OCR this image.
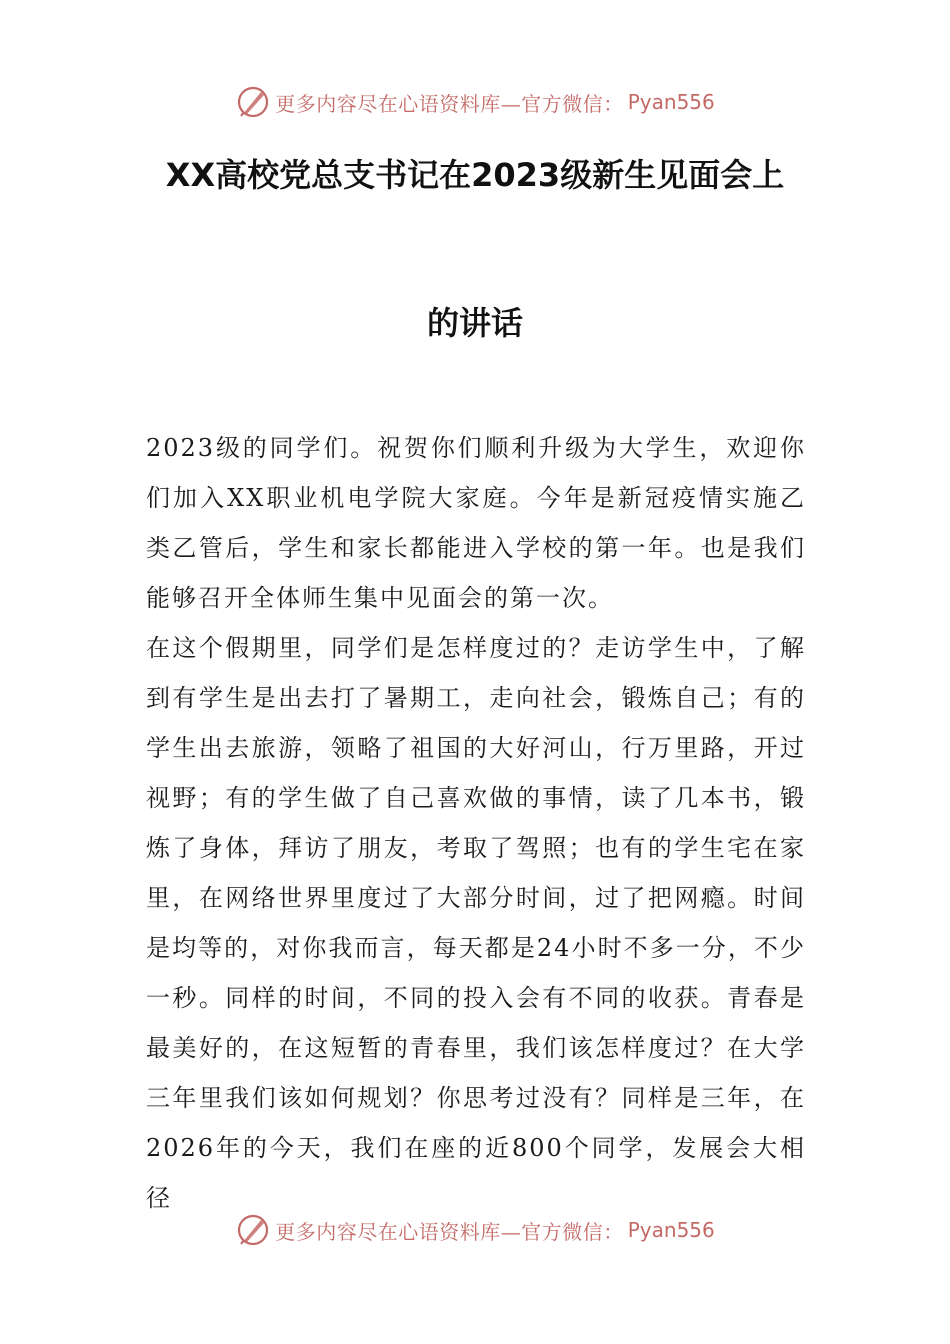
更多内容尽在心语资料库—官方微信： Pyan556
XX高校党总支书记在2023级新生见面会上
的讲话

2023级的同学们。祝贺你们顺利升级为大学生，欢迎你们加入XX职业机电学院大家庭。今年是新冠疫情实施乙类乙管后，学生和家长都能进入学校的第一年。也是我们能够召开全体师生集中见面会的第一次。

在这个假期里，同学们是怎样度过的？走访学生中，了解到有学生是出去打了暑期工，走向社会，锻炼自己；有的学生出去旅游，领略了祖国的大好河山，行万里路，开过视野；有的学生做了自己喜欢做的事情，读了几本书，锻炼了身体，拜访了朋友，考取了驾照；也有的学生宅在家里，在网络世界里度过了大部分时间，过了把网瘾。时间是均等的，对你我而言，每天都是24小时不多一分，不少一秒。同样的时间，不同的投入会有不同的收获。青春是最美好的，在这短暂的青春里，我们该怎样度过？在大学三年里我们该如何规划？你思考过没有？同样是三年，在2026年的今天，我们在座的近800个同学，发展会大相径

更多内容尽在心语资料库—官方微信： Pyan556
